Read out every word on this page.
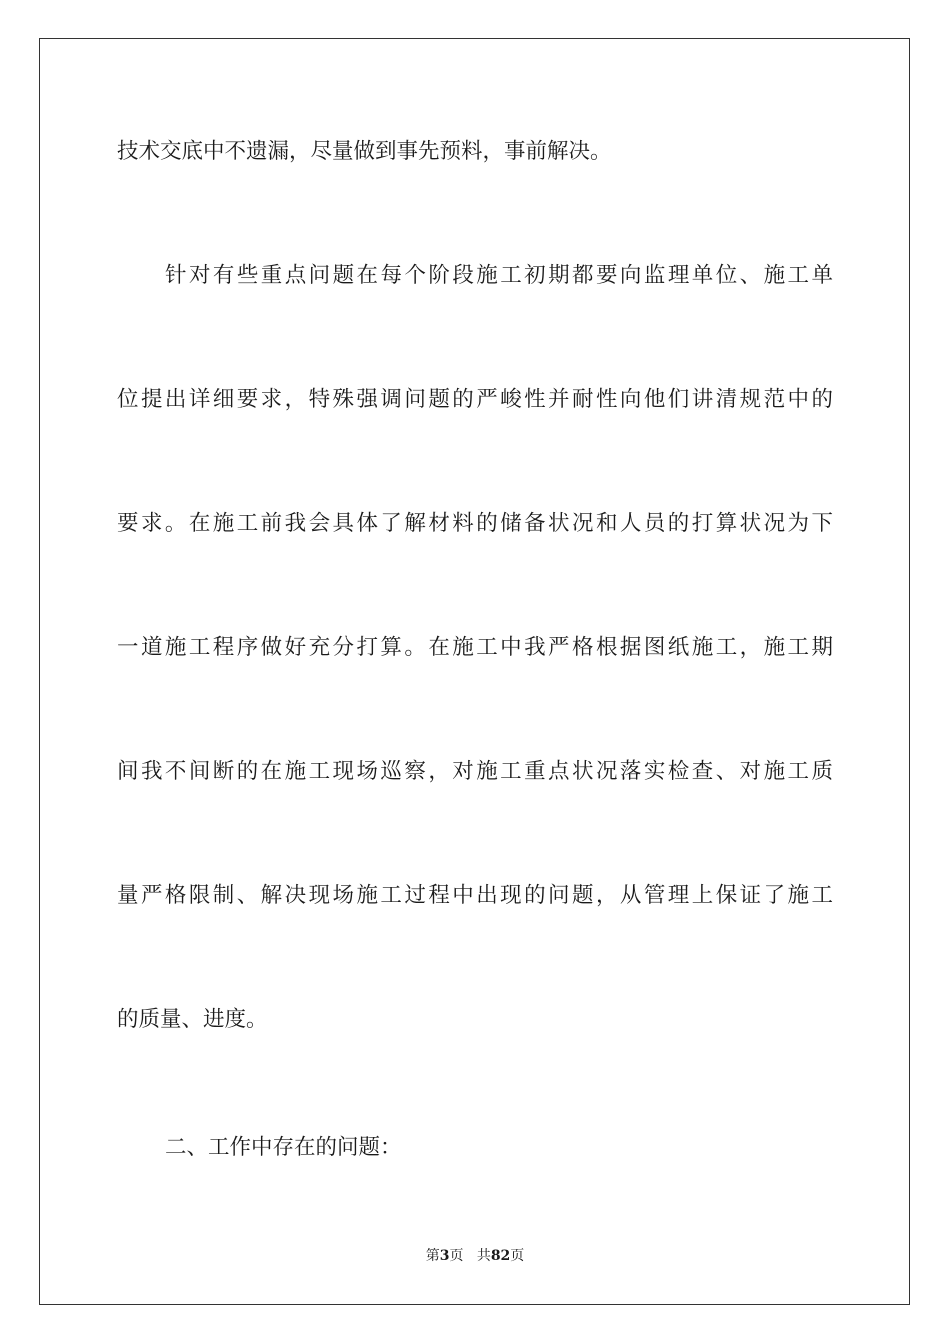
技术交底中不遗漏，尽量做到事先预料，事前解决。
针对有些重点问题在每个阶段施工初期都要向监理单位、施工单
位提出详细要求，特殊强调问题的严峻性并耐性向他们讲清规范中的
要求。在施工前我会具体了解材料的储备状况和人员的打算状况为下
一道施工程序做好充分打算。在施工中我严格根据图纸施工，施工期
间我不间断的在施工现场巡察，对施工重点状况落实检查、对施工质
量严格限制、解决现场施工过程中出现的问题，从管理上保证了施工
的质量、进度。
二、工作中存在的问题：
第3页 共82页
